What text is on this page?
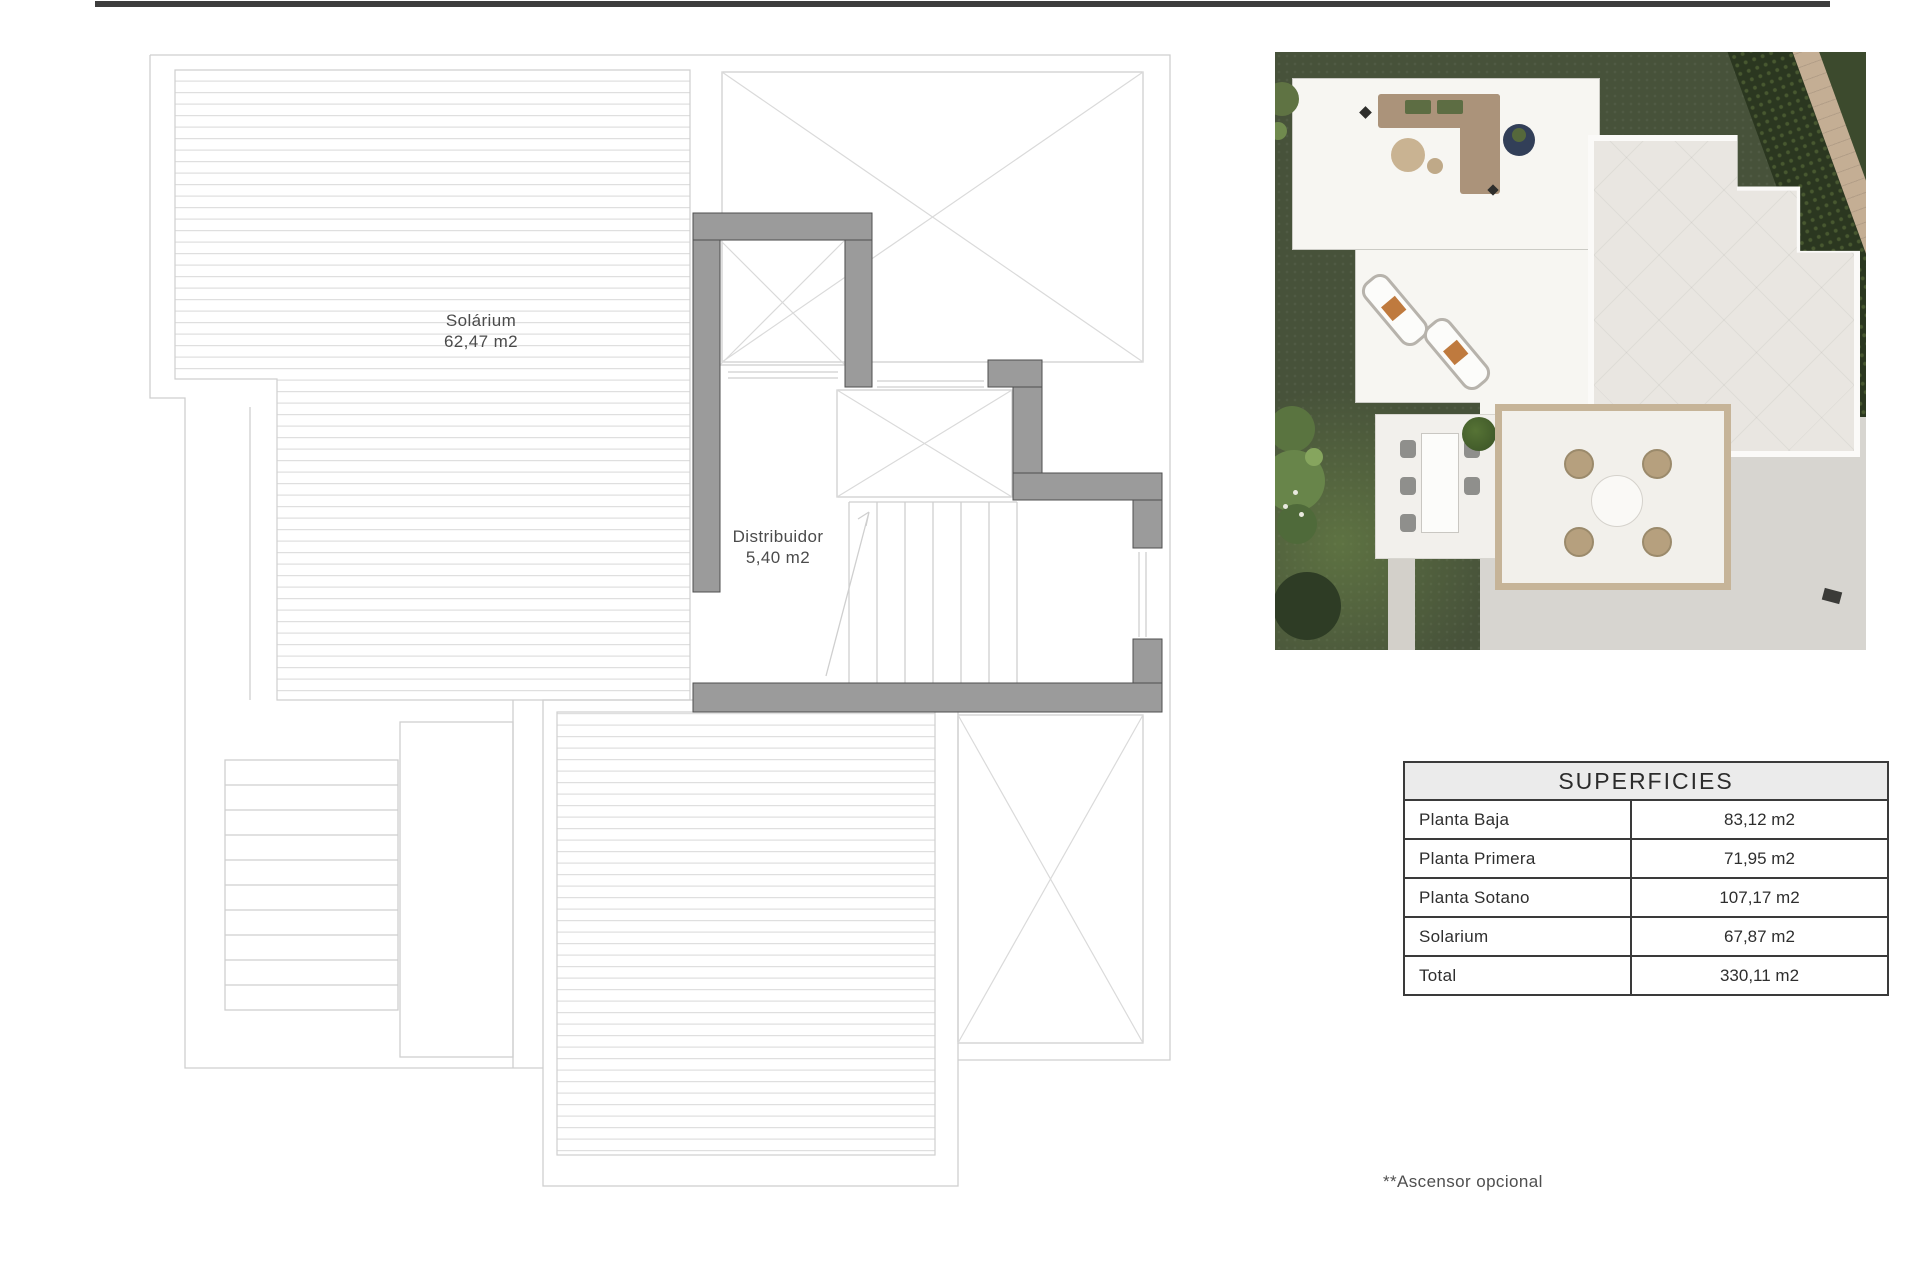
Solárium
62,47 m2
Distribuidor
5,40 m2
SUPERFICIES
Planta Baja	83,12 m2
Planta Primera	71,95 m2
Planta Sotano	107,17 m2
Solarium	67,87 m2
Total	330,11 m2
**Ascensor opcional
